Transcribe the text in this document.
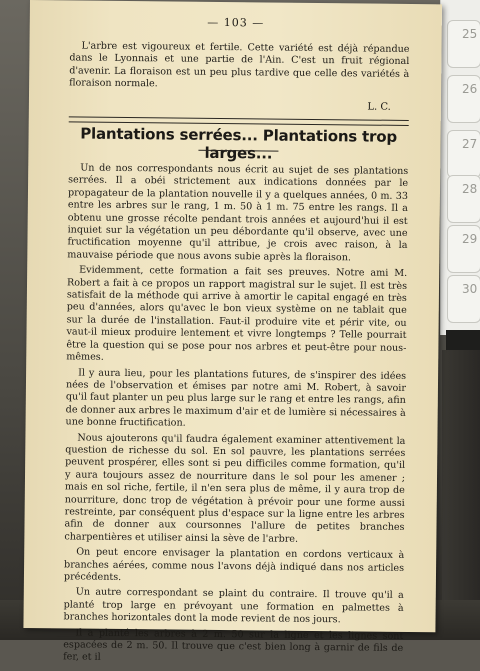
25
26
27
28
29
30
— 103 —

L'arbre est vigoureux et fertile. Cette variété est déjà répandue dans le Lyonnais et une partie de l'Ain. C'est un fruit régional d'avenir. La floraison est un peu plus tardive que celle des variétés à floraison normale.

L. C.
Plantations serrées... Plantations trop larges...

Un de nos correspondants nous écrit au sujet de ses plantations serrées. Il a obéi strictement aux indications données par le propagateur de la plantation nouvelle il y a quelques années, 0 m. 33 entre les arbres sur le rang, 1 m. 50 à 1 m. 75 entre les rangs. Il a obtenu une grosse récolte pendant trois années et aujourd'hui il est inquiet sur la végétation un peu débordante qu'il observe, avec une fructification moyenne qu'il attribue, je crois avec raison, à la mauvaise période que nous avons subie après la floraison.

Evidemment, cette formation a fait ses preuves. Notre ami M. Robert a fait à ce propos un rapport magistral sur le sujet. Il est très satisfait de la méthode qui arrive à amortir le capital engagé en très peu d'années, alors qu'avec le bon vieux système on ne tablait que sur la durée de l'installation. Faut-il produire vite et périr vite, ou vaut-il mieux produire lentement et vivre longtemps ? Telle pourrait être la question qui se pose pour nos arbres et peut-être pour nous-mêmes.

Il y aura lieu, pour les plantations futures, de s'inspirer des idées nées de l'observation et émises par notre ami M. Robert, à savoir qu'il faut planter un peu plus large sur le rang et entre les rangs, afin de donner aux arbres le maximum d'air et de lumière si nécessaires à une bonne fructification.

Nous ajouterons qu'il faudra également examiner attentivement la question de richesse du sol. En sol pauvre, les plantations serrées peuvent prospérer, elles sont si peu difficiles comme formation, qu'il y aura toujours assez de nourriture dans le sol pour les amener ; mais en sol riche, fertile, il n'en sera plus de même, il y aura trop de nourriture, donc trop de végétation à prévoir pour une forme aussi restreinte, par conséquent plus d'espace sur la ligne entre les arbres afin de donner aux coursonnes l'allure de petites branches charpentières et utiliser ainsi la sève de l'arbre.

On peut encore envisager la plantation en cordons verticaux à branches aérées, comme nous l'avons déjà indiqué dans nos articles précédents.

Un autre correspondant se plaint du contraire. Il trouve qu'il a planté trop large en prévoyant une formation en palmettes à branches horizontales dont la mode revient de nos jours.

Il a planté les arbres à 2 m. 50 sur la ligne et les lignes sont espacées de 2 m. 50. Il trouve que c'est bien long à garnir de fils de fer, et il
